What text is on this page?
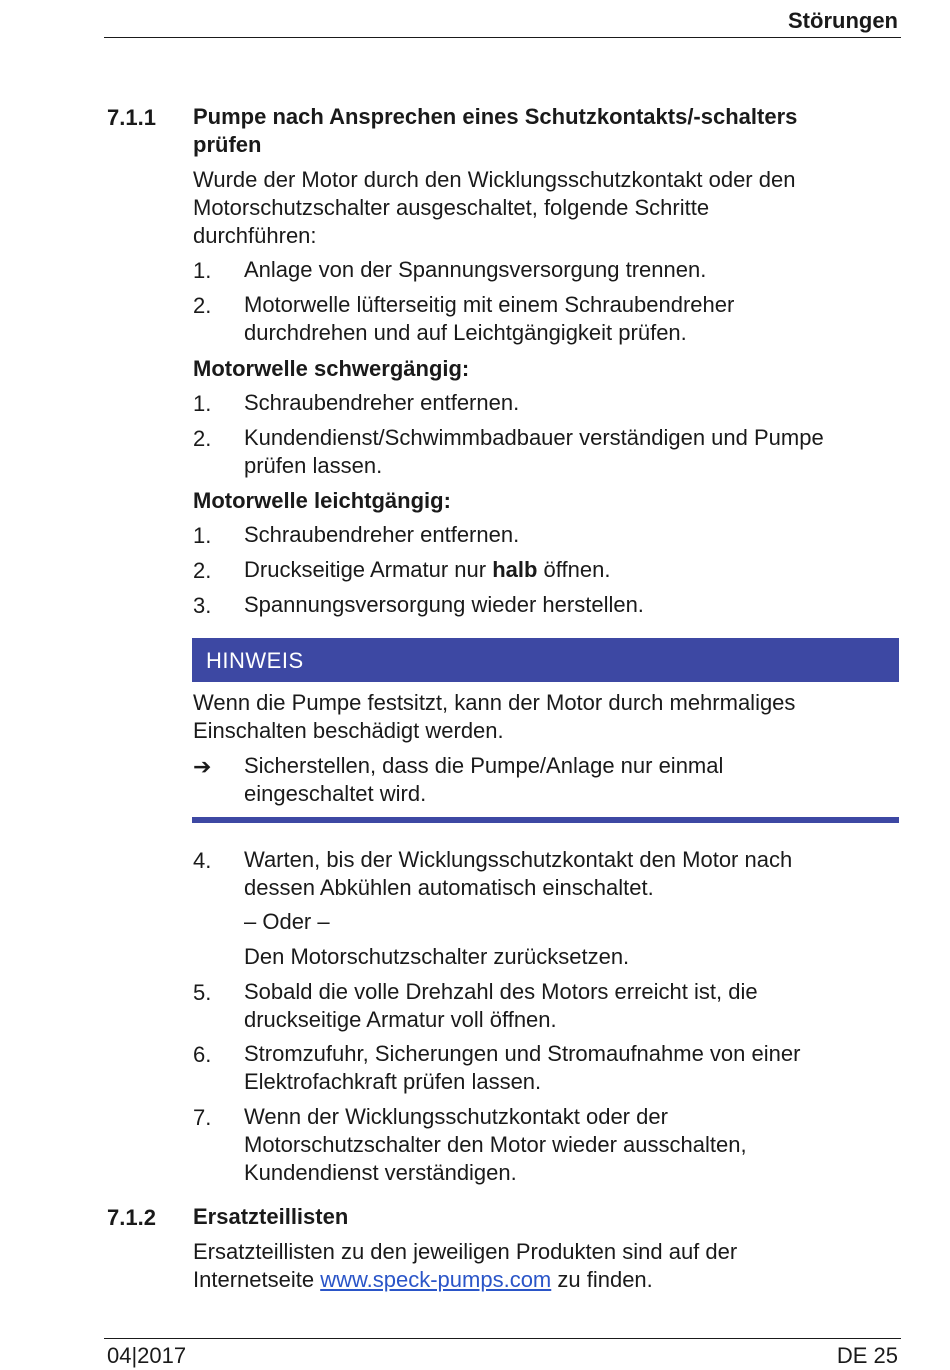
Störungen
7.1.1 Pumpe nach Ansprechen eines Schutzkontakts/-schalters
prüfen
Wurde der Motor durch den Wicklungsschutzkontakt oder den
Motorschutzschalter ausgeschaltet, folgende Schritte
durchführen:
1. Anlage von der Spannungsversorgung trennen.
2. Motorwelle lüfterseitig mit einem Schraubendreher
durchdrehen und auf Leichtgängigkeit prüfen.
Motorwelle schwergängig:
1. Schraubendreher entfernen.
2. Kundendienst/Schwimmbadbauer verständigen und Pumpe
prüfen lassen.
Motorwelle leichtgängig:
1. Schraubendreher entfernen.
2. Druckseitige Armatur nur halb öffnen.
3. Spannungsversorgung wieder herstellen.
HINWEIS
Wenn die Pumpe festsitzt, kann der Motor durch mehrmaliges
Einschalten beschädigt werden.
➔ Sicherstellen, dass die Pumpe/Anlage nur einmal
eingeschaltet wird.
4. Warten, bis der Wicklungsschutzkontakt den Motor nach
dessen Abkühlen automatisch einschaltet.
– Oder –
Den Motorschutzschalter zurücksetzen.
5. Sobald die volle Drehzahl des Motors erreicht ist, die
druckseitige Armatur voll öffnen.
6. Stromzufuhr, Sicherungen und Stromaufnahme von einer
Elektrofachkraft prüfen lassen.
7. Wenn der Wicklungsschutzkontakt oder der
Motorschutzschalter den Motor wieder ausschalten,
Kundendienst verständigen.
7.1.2 Ersatzteillisten
Ersatzteillisten zu den jeweiligen Produkten sind auf der
Internetseite www.speck-pumps.com zu finden.
04|2017	DE 25
